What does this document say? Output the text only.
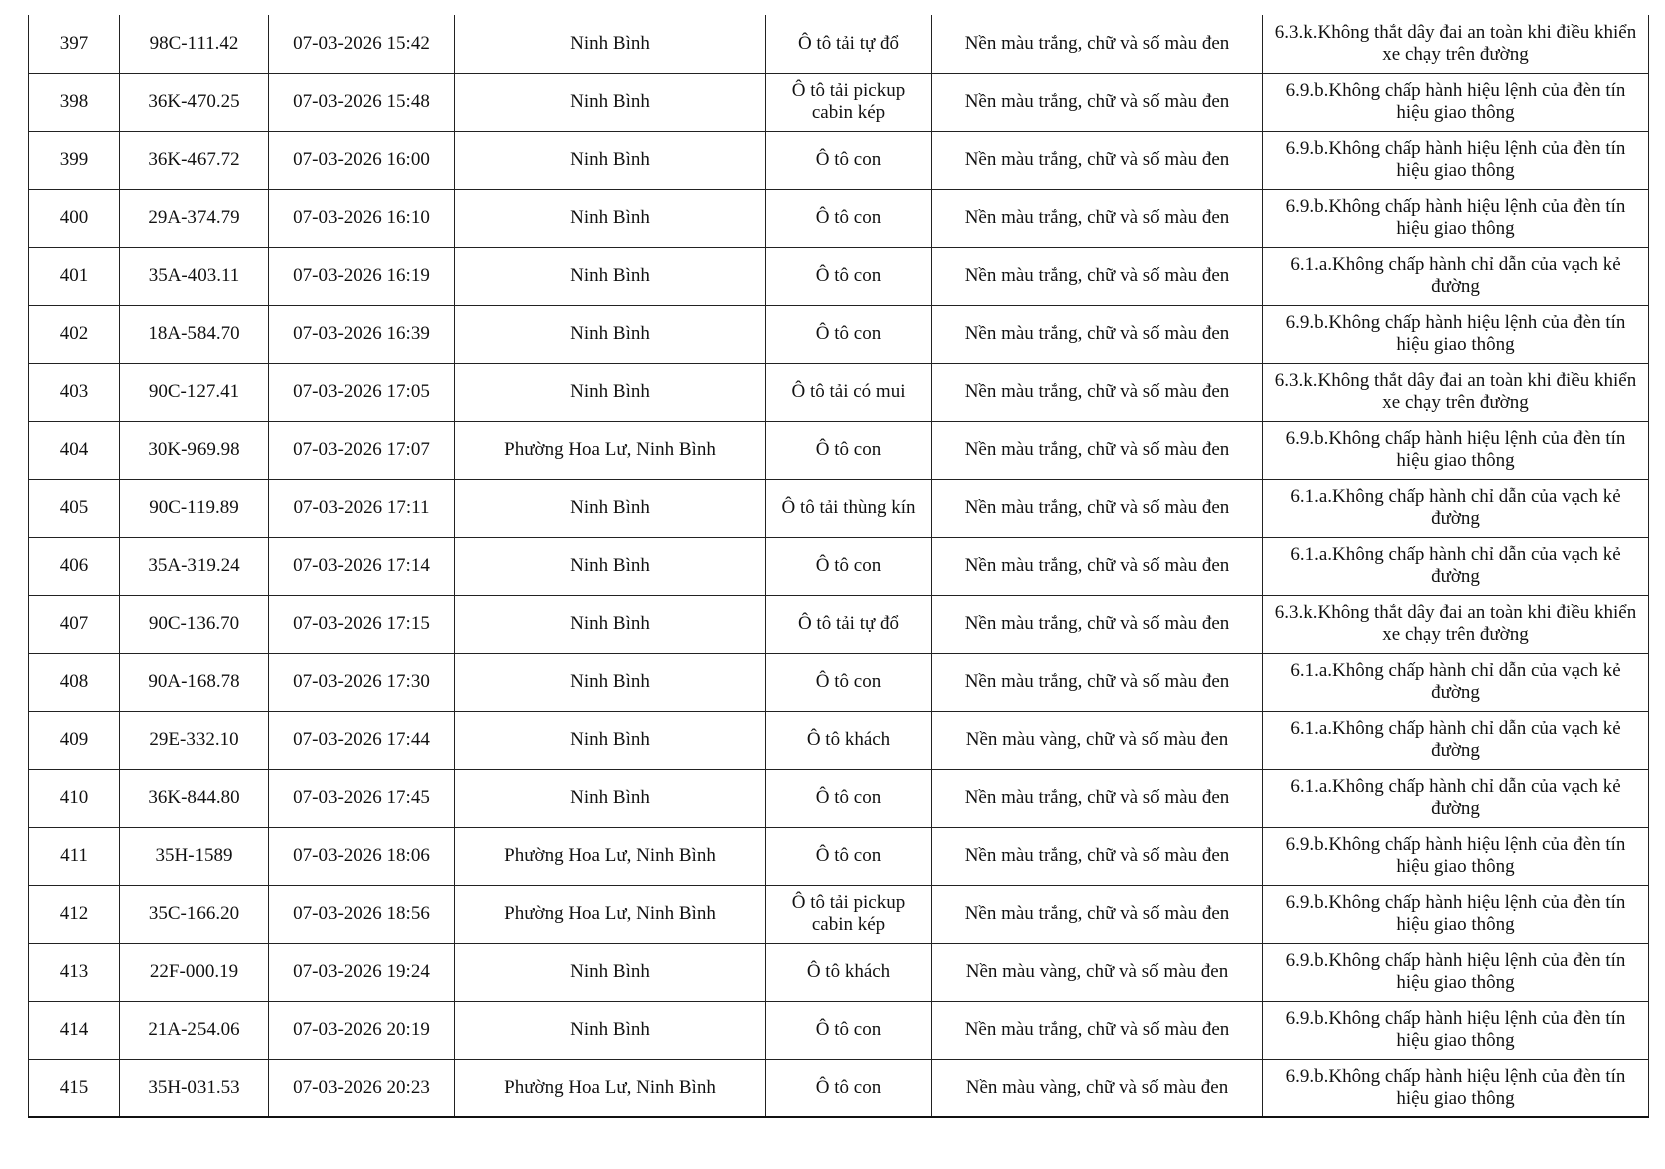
397	98C-111.42	07-03-2026 15:42	Ninh Bình	Ô tô tải tự đổ	Nền màu trắng, chữ và số màu đen	6.3.k.Không thắt dây đai an toàn khi điều khiển xe chạy trên đường
398	36K-470.25	07-03-2026 15:48	Ninh Bình	Ô tô tải pickup cabin kép	Nền màu trắng, chữ và số màu đen	6.9.b.Không chấp hành hiệu lệnh của đèn tín hiệu giao thông
399	36K-467.72	07-03-2026 16:00	Ninh Bình	Ô tô con	Nền màu trắng, chữ và số màu đen	6.9.b.Không chấp hành hiệu lệnh của đèn tín hiệu giao thông
400	29A-374.79	07-03-2026 16:10	Ninh Bình	Ô tô con	Nền màu trắng, chữ và số màu đen	6.9.b.Không chấp hành hiệu lệnh của đèn tín hiệu giao thông
401	35A-403.11	07-03-2026 16:19	Ninh Bình	Ô tô con	Nền màu trắng, chữ và số màu đen	6.1.a.Không chấp hành chỉ dẫn của vạch kẻ đường
402	18A-584.70	07-03-2026 16:39	Ninh Bình	Ô tô con	Nền màu trắng, chữ và số màu đen	6.9.b.Không chấp hành hiệu lệnh của đèn tín hiệu giao thông
403	90C-127.41	07-03-2026 17:05	Ninh Bình	Ô tô tải có mui	Nền màu trắng, chữ và số màu đen	6.3.k.Không thắt dây đai an toàn khi điều khiển xe chạy trên đường
404	30K-969.98	07-03-2026 17:07	Phường Hoa Lư, Ninh Bình	Ô tô con	Nền màu trắng, chữ và số màu đen	6.9.b.Không chấp hành hiệu lệnh của đèn tín hiệu giao thông
405	90C-119.89	07-03-2026 17:11	Ninh Bình	Ô tô tải thùng kín	Nền màu trắng, chữ và số màu đen	6.1.a.Không chấp hành chỉ dẫn của vạch kẻ đường
406	35A-319.24	07-03-2026 17:14	Ninh Bình	Ô tô con	Nền màu trắng, chữ và số màu đen	6.1.a.Không chấp hành chỉ dẫn của vạch kẻ đường
407	90C-136.70	07-03-2026 17:15	Ninh Bình	Ô tô tải tự đổ	Nền màu trắng, chữ và số màu đen	6.3.k.Không thắt dây đai an toàn khi điều khiển xe chạy trên đường
408	90A-168.78	07-03-2026 17:30	Ninh Bình	Ô tô con	Nền màu trắng, chữ và số màu đen	6.1.a.Không chấp hành chỉ dẫn của vạch kẻ đường
409	29E-332.10	07-03-2026 17:44	Ninh Bình	Ô tô khách	Nền màu vàng, chữ và số màu đen	6.1.a.Không chấp hành chỉ dẫn của vạch kẻ đường
410	36K-844.80	07-03-2026 17:45	Ninh Bình	Ô tô con	Nền màu trắng, chữ và số màu đen	6.1.a.Không chấp hành chỉ dẫn của vạch kẻ đường
411	35H-1589	07-03-2026 18:06	Phường Hoa Lư, Ninh Bình	Ô tô con	Nền màu trắng, chữ và số màu đen	6.9.b.Không chấp hành hiệu lệnh của đèn tín hiệu giao thông
412	35C-166.20	07-03-2026 18:56	Phường Hoa Lư, Ninh Bình	Ô tô tải pickup cabin kép	Nền màu trắng, chữ và số màu đen	6.9.b.Không chấp hành hiệu lệnh của đèn tín hiệu giao thông
413	22F-000.19	07-03-2026 19:24	Ninh Bình	Ô tô khách	Nền màu vàng, chữ và số màu đen	6.9.b.Không chấp hành hiệu lệnh của đèn tín hiệu giao thông
414	21A-254.06	07-03-2026 20:19	Ninh Bình	Ô tô con	Nền màu trắng, chữ và số màu đen	6.9.b.Không chấp hành hiệu lệnh của đèn tín hiệu giao thông
415	35H-031.53	07-03-2026 20:23	Phường Hoa Lư, Ninh Bình	Ô tô con	Nền màu vàng, chữ và số màu đen	6.9.b.Không chấp hành hiệu lệnh của đèn tín hiệu giao thông
